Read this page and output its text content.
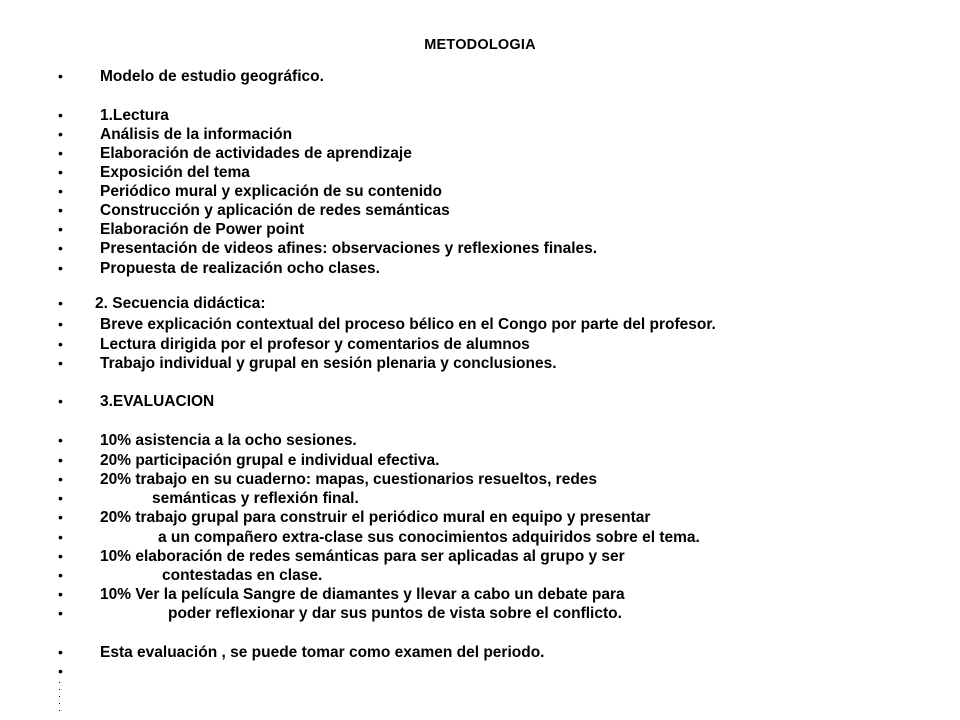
METODOLOGIA
• Modelo de estudio geográfico.
• 1.Lectura
• Análisis de la información
• Elaboración de actividades de aprendizaje
• Exposición del tema
• Periódico mural y explicación de su contenido
• Construcción y aplicación de redes semánticas
• Elaboración de Power point
• Presentación de videos afines: observaciones y reflexiones finales.
• Propuesta de realización ocho clases.
• 2. Secuencia didáctica:
• Breve explicación contextual del proceso bélico en el Congo por parte del profesor.
• Lectura dirigida por el profesor y comentarios de alumnos
• Trabajo individual y grupal en sesión plenaria y conclusiones.
• 3.EVALUACION
• 10% asistencia a la ocho sesiones.
• 20% participación grupal e individual efectiva.
• 20% trabajo en su cuaderno: mapas, cuestionarios resueltos, redes
•	semánticas y reflexión final.
• 20% trabajo grupal para construir el periódico mural en equipo y presentar
•	a un compañero extra-clase sus conocimientos adquiridos sobre el tema.
• 10% elaboración de redes semánticas para ser aplicadas al grupo y ser
•	contestadas en clase.
• 10% Ver la película Sangre de diamantes y llevar a cabo un debate para
•	poder reflexionar y dar sus puntos de vista sobre el conflicto.
• Esta evaluación , se puede tomar como examen del periodo.
•
